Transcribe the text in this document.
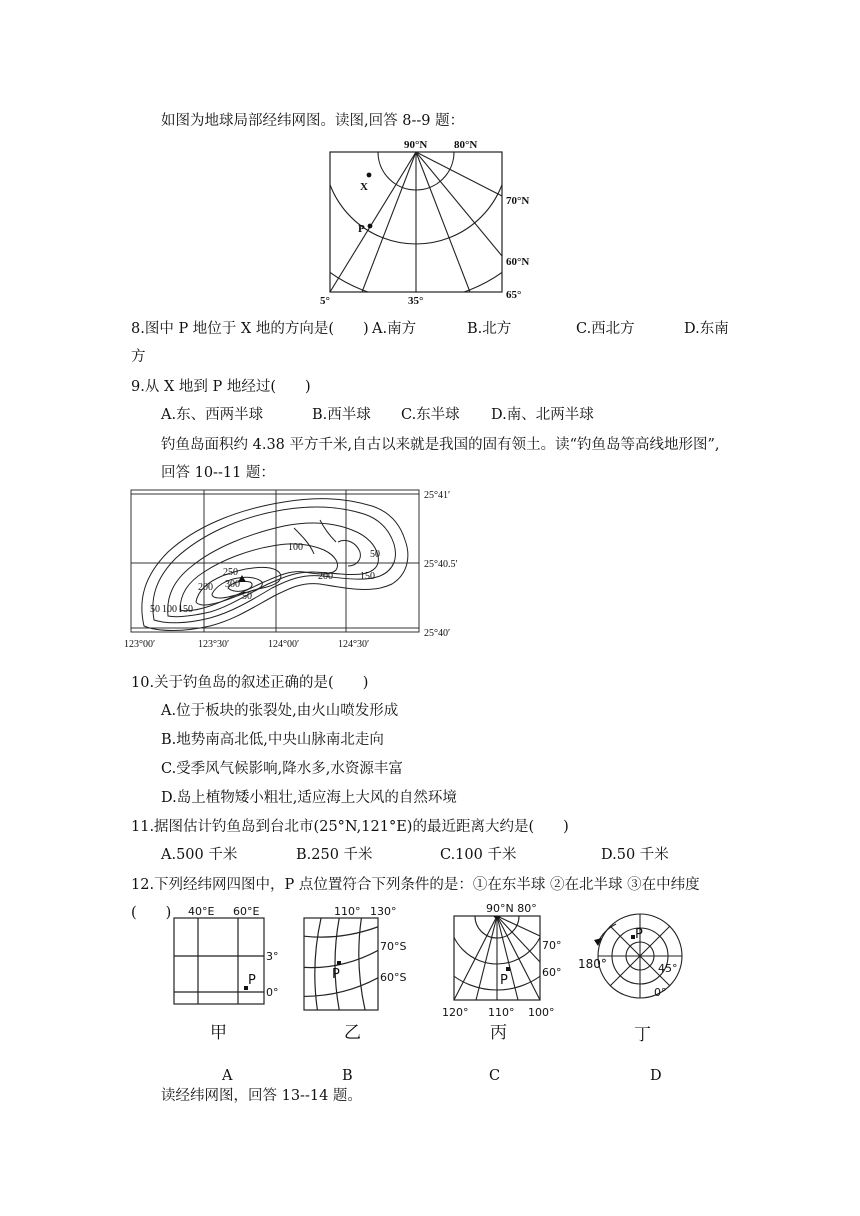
如图为地球局部经纬网图。读图,回答 8--9 题：
90°N 80°N
70°N
60°N
65°
5°	35°
X
P
8.图中 P 地位于 X 地的方向是(　　) A.南方	B.北方	C.西北方	D.东南
方
9.从 X 地到 P 地经过(　　)
A.东、西两半球	B.西半球 C.东半球 D.南、北两半球
钓鱼岛面积约 4.38 平方千米,自古以来就是我国的固有领土。读“钓鱼岛等高线地形图”,
回答 10--11 题：
25°41′
25°40.5′
25°40′
123°00′	123°30′	124°00′	124°30′
100
50
250
300
200
150
200
50
50 100 150
10.关于钓鱼岛的叙述正确的是(　　)
A.位于板块的张裂处,由火山喷发形成
B.地势南高北低,中央山脉南北走向
C.受季风气候影响,降水多,水资源丰富
D.岛上植物矮小粗壮,适应海上大风的自然环境
11.据图估计钓鱼岛到台北市(25°N,121°E)的最近距离大约是(　　)
A.500 千米	B.250 千米	C.100 千米	D.50 千米
12.下列经纬网四图中，P 点位置符合下列条件的是：①在东半球 ②在北半球 ③在中纬度
(　　) 40°E 60°E
3°
0°
P
甲
110° 130°
70°S
60°S
P
乙
90°N 80°
70°
60°
120° 110° 100°
P
丙
180°	45°
0°
P
丁
A	B	C	D
读经纬网图，回答 13--14 题。
